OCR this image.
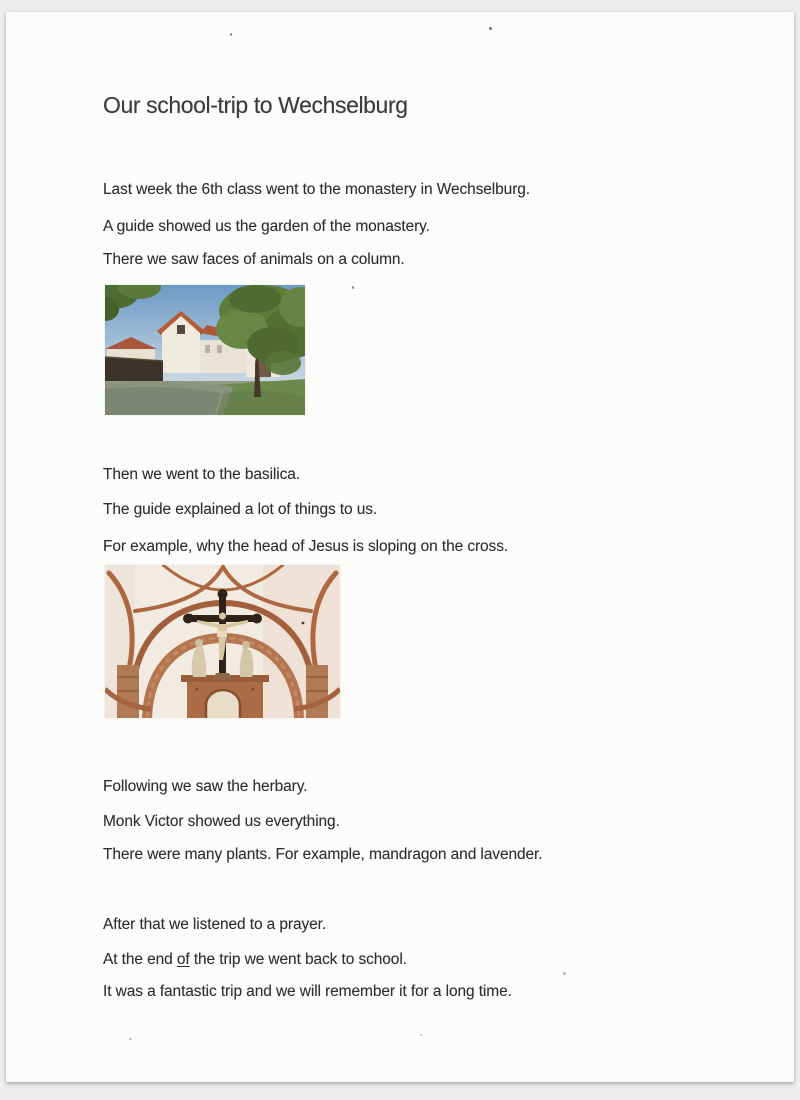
Our school-trip to Wechselburg

Last week the 6th class went to the monastery in Wechselburg.

A guide showed us the garden of the monastery.

There we saw faces of animals on a column.

Then we went to the basilica.

The guide explained a lot of things to us.

For example, why the head of Jesus is sloping on the cross.

Following we saw the herbary.

Monk Victor showed us everything.

There were many plants. For example, mandragon and lavender.

After that we listened to a prayer.

At the end of the trip we went back to school.

It was a fantastic trip and we will remember it for a long time.
